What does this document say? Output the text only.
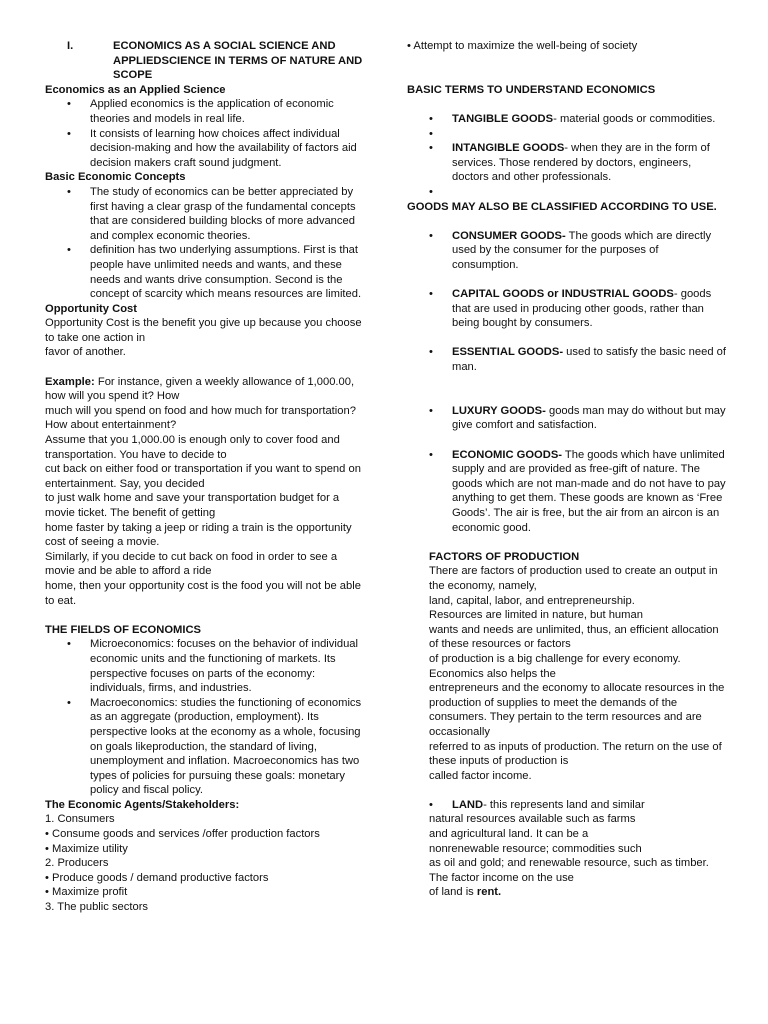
I.	ECONOMICS AS A SOCIAL SCIENCE AND APPLIEDSCIENCE IN TERMS OF NATURE AND SCOPE

Economics as an Applied Science

• Applied economics is the application of economic theories and models in real life.
• It consists of learning how choices affect individual decision-making and how the availability of factors aid decision makers craft sound judgment.

Basic Economic Concepts

• The study of economics can be better appreciated by first having a clear grasp of the fundamental concepts that are considered building blocks of more advanced and complex economic theories.
• definition has two underlying assumptions. First is that people have unlimited needs and wants, and these needs and wants drive consumption. Second is the concept of scarcity which means resources are limited.

Opportunity Cost

Opportunity Cost is the benefit you give up because you choose to take one action in

favor of another.

Example: For instance, given a weekly allowance of 1,000.00, how will you spend it? How

much will you spend on food and how much for transportation? How about entertainment?

Assume that you 1,000.00 is enough only to cover food and transportation. You have to decide to

cut back on either food or transportation if you want to spend on entertainment. Say, you decided

to just walk home and save your transportation budget for a movie ticket. The benefit of getting

home faster by taking a jeep or riding a train is the opportunity cost of seeing a movie.

Similarly, if you decide to cut back on food in order to see a movie and be able to afford a ride

home, then your opportunity cost is the food you will not be able to eat.

THE FIELDS OF ECONOMICS

• Microeconomics: focuses on the behavior of individual economic units and the functioning of markets. Its perspective focuses on parts of the economy: individuals, firms, and industries.
• Macroeconomics: studies the functioning of economics as an aggregate (production, employment). Its perspective looks at the economy as a whole, focusing on goals likeproduction, the standard of living, unemployment and inflation. Macroeconomics has two types of policies for pursuing these goals: monetary policy and fiscal policy.

The Economic Agents/Stakeholders:

1. Consumers

• Consume goods and services /offer production factors

• Maximize utility

2. Producers

• Produce goods / demand productive factors

• Maximize profit

3. The public sectors

• Attempt to maximize the well-being of society

BASIC TERMS TO UNDERSTAND ECONOMICS

• TANGIBLE GOODS- material goods or commodities.
•
• INTANGIBLE GOODS- when they are in the form of services. Those rendered by doctors, engineers, doctors and other professionals.
•

GOODS MAY ALSO BE CLASSIFIED ACCORDING TO USE.

• CONSUMER GOODS- The goods which are directly used by the consumer for the purposes of consumption.
• CAPITAL GOODS or INDUSTRIAL GOODS- goods that are used in producing other goods, rather than being bought by consumers.
• ESSENTIAL GOODS- used to satisfy the basic need of man.
• LUXURY GOODS- goods man may do without but may give comfort and satisfaction.
• ECONOMIC GOODS- The goods which have unlimited supply and are provided as free-gift of nature. The goods which are not man-made and do not have to pay anything to get them. These goods are known as ‘Free Goods’. The air is free, but the air from an aircon is an economic good.

FACTORS OF PRODUCTION

There are factors of production used to create an output in the economy, namely,

land, capital, labor, and entrepreneurship.

Resources are limited in nature, but human

wants and needs are unlimited, thus, an efficient allocation of these resources or factors

of production is a big challenge for every economy. Economics also helps the

entrepreneurs and the economy to allocate resources in the production of supplies to meet the demands of the consumers. They pertain to the term resources and are occasionally

referred to as inputs of production. The return on the use of these inputs of production is

called factor income.

• LAND- this represents land and similar

natural resources available such as farms

and agricultural land. It can be a

nonrenewable resource; commodities such

as oil and gold; and renewable resource, such as timber. The factor income on the use

of land is rent.
